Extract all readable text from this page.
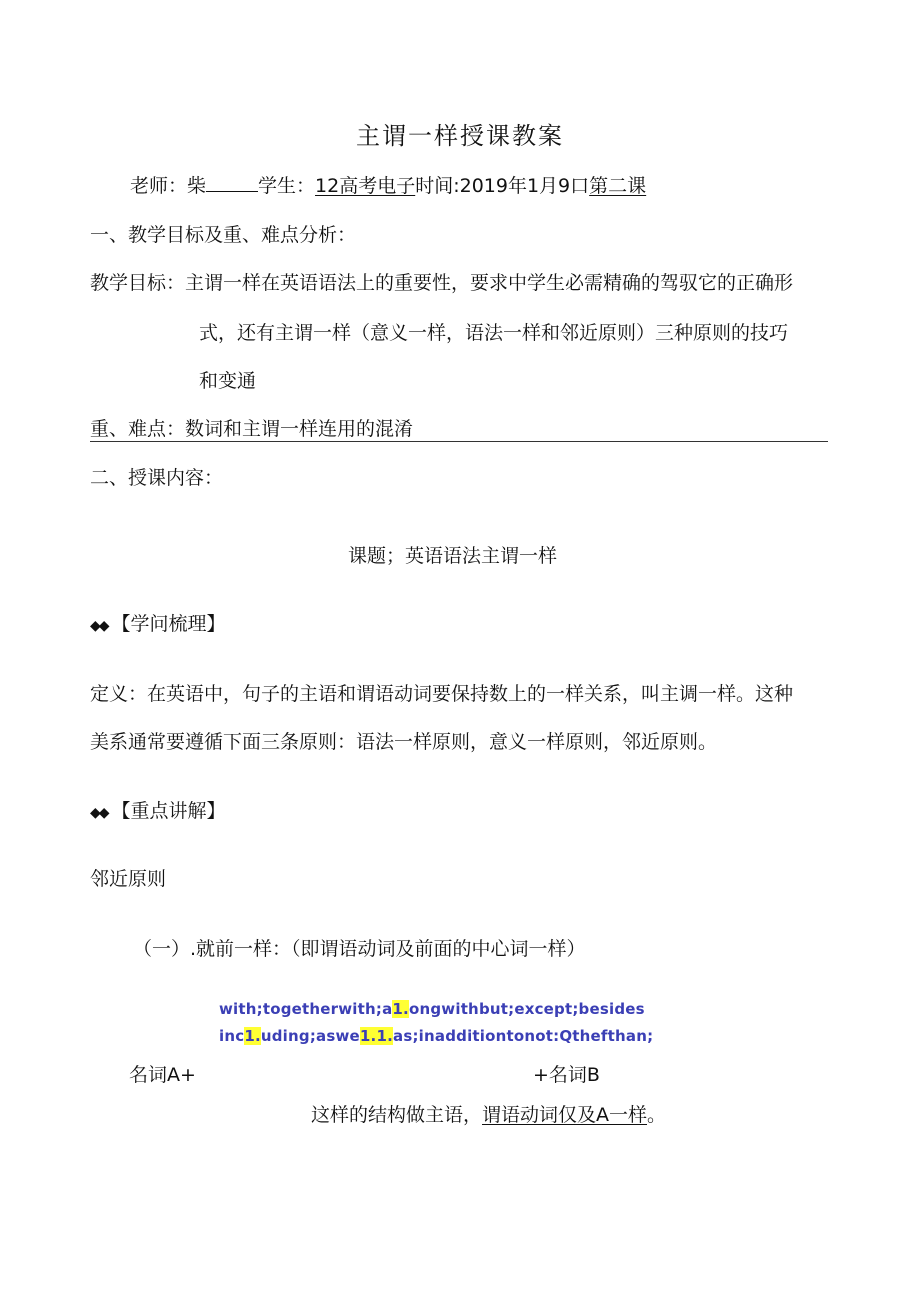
主谓一样授课教案
老师：柴	学生：12高考电子时间:2019年1月9口第二课
一、教学目标及重、难点分析：
教学目标：主谓一样在英语语法上的重要性，要求中学生必需精确的驾驭它的正确形
式，还有主谓一样（意义一样，语法一样和邻近原则）三种原则的技巧
和变通
重、难点：数词和主谓一样连用的混淆
二、授课内容：
课题；英语语法主谓一样
◆◆ 【学问梳理】
定义：在英语中，句子的主语和谓语动词要保持数上的一样关系，叫主调一样。这种
美系通常要遵循下面三条原则：语法一样原则，意义一样原则，邻近原则。
◆◆ 【重点讲解】
邻近原则
（一）.就前一样：（即谓语动词及前面的中心词一样）
with;togetherwith;a1.ongwithbut;except;besides
inc1.uding;aswe1.1.as;inadditiontonot:Qthefthan;
名词A+	+名词B
这样的结构做主语，谓语动词仅及A一样。
